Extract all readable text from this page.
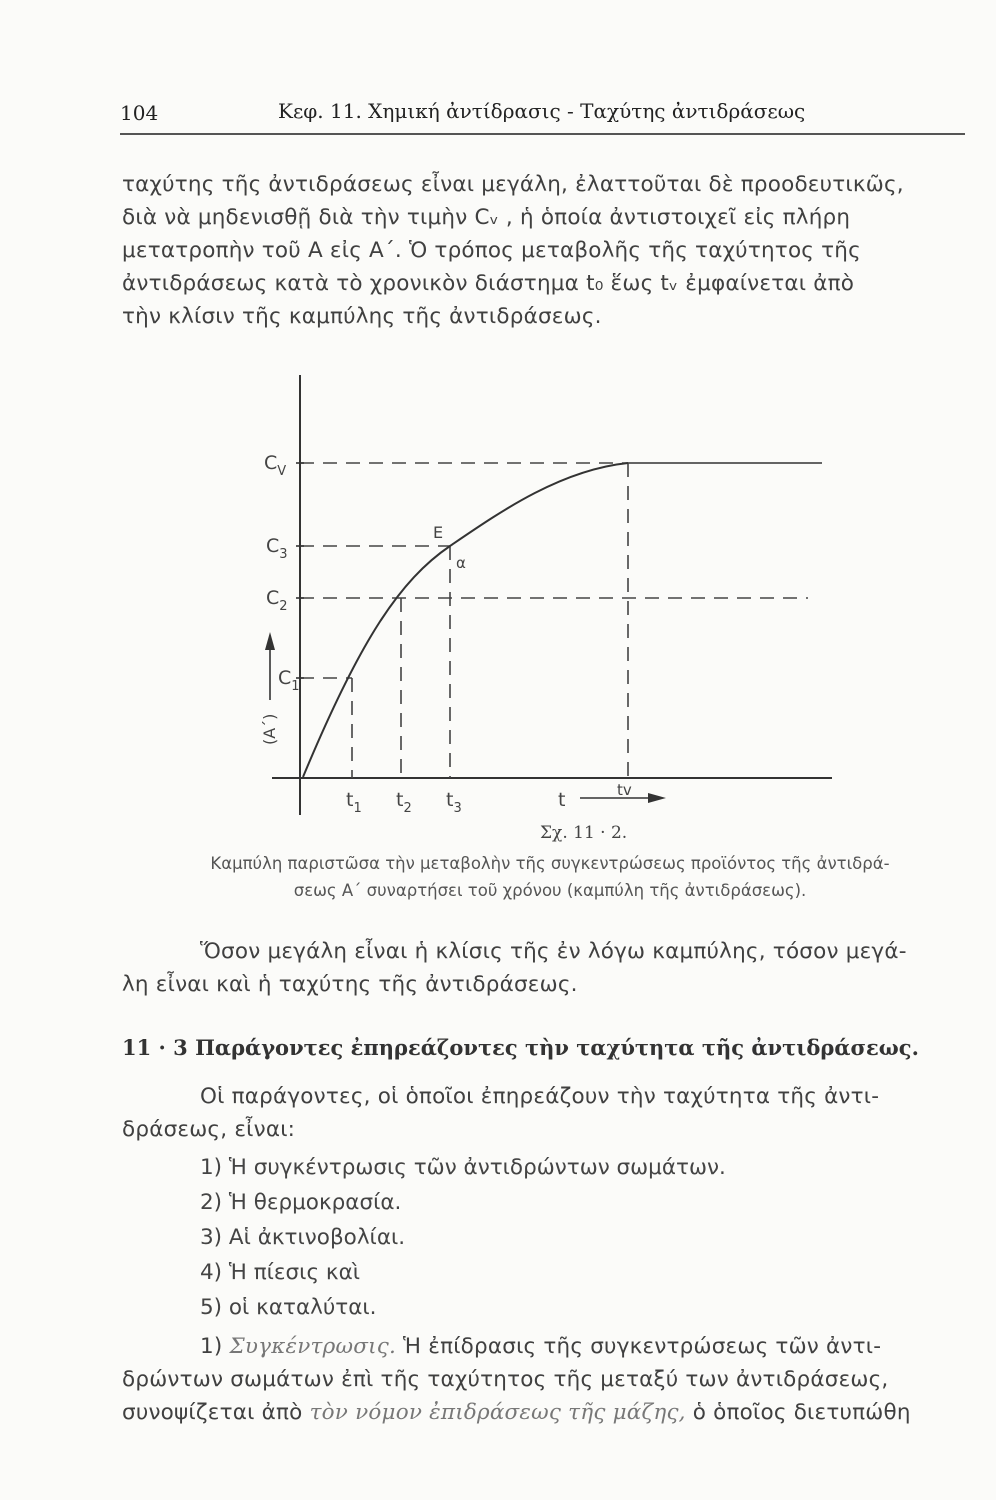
104	Κεφ. 11. Χημική ἀντίδρασις - Ταχύτης ἀντιδράσεως
ταχύτης τῆς ἀντιδράσεως εἶναι μεγάλη, ἐλαττοῦται δὲ προοδευτικῶς,
διὰ νὰ μηδενισθῇ διὰ τὴν τιμὴν Cᵥ , ἡ ὁποία ἀντιστοιχεῖ εἰς πλήρη
μετατροπὴν τοῦ Α εἰς Α΄. Ὁ τρόπος μεταβολῆς τῆς ταχύτητος τῆς
ἀντιδράσεως κατὰ τὸ χρονικὸν διάστημα t₀ ἕως tᵥ ἐμφαίνεται ἀπὸ
τὴν κλίσιν τῆς καμπύλης τῆς ἀντιδράσεως.
$C_V$
$C_3$
$C_2$
$C_1$
(A΄)
E
α
$t_1$ $t_2$ $t_3$	t	tv
Σχ. 11 · 2.
Καμπύλη παριστῶσα τὴν μεταβολὴν τῆς συγκεντρώσεως προϊόντος τῆς ἀντιδρά-
σεως Α΄ συναρτήσει τοῦ χρόνου (καμπύλη τῆς ἀντιδράσεως).
Ὅσον μεγάλη εἶναι ἡ κλίσις τῆς ἐν λόγω καμπύλης, τόσον μεγά-
λη εἶναι καὶ ἡ ταχύτης τῆς ἀντιδράσεως.
11 · 3 Παράγοντες ἐπηρεάζοντες τὴν ταχύτητα τῆς ἀντιδράσεως.
Οἱ παράγοντες, οἱ ὁποῖοι ἐπηρεάζουν τὴν ταχύτητα τῆς ἀντι-
δράσεως, εἶναι:
1) Ἡ συγκέντρωσις τῶν ἀντιδρώντων σωμάτων.
2) Ἡ θερμοκρασία.
3) Αἱ ἀκτινοβολίαι.
4) Ἡ πίεσις καὶ
5) οἱ καταλύται.
1) Συγκέντρωσις. Ἡ ἐπίδρασις τῆς συγκεντρώσεως τῶν ἀντι-
δρώντων σωμάτων ἐπὶ τῆς ταχύτητος τῆς μεταξύ των ἀντιδράσεως,
συνοψίζεται ἀπὸ τὸν νόμον ἐπιδράσεως τῆς μάζης, ὁ ὁποῖος διετυπώθη
